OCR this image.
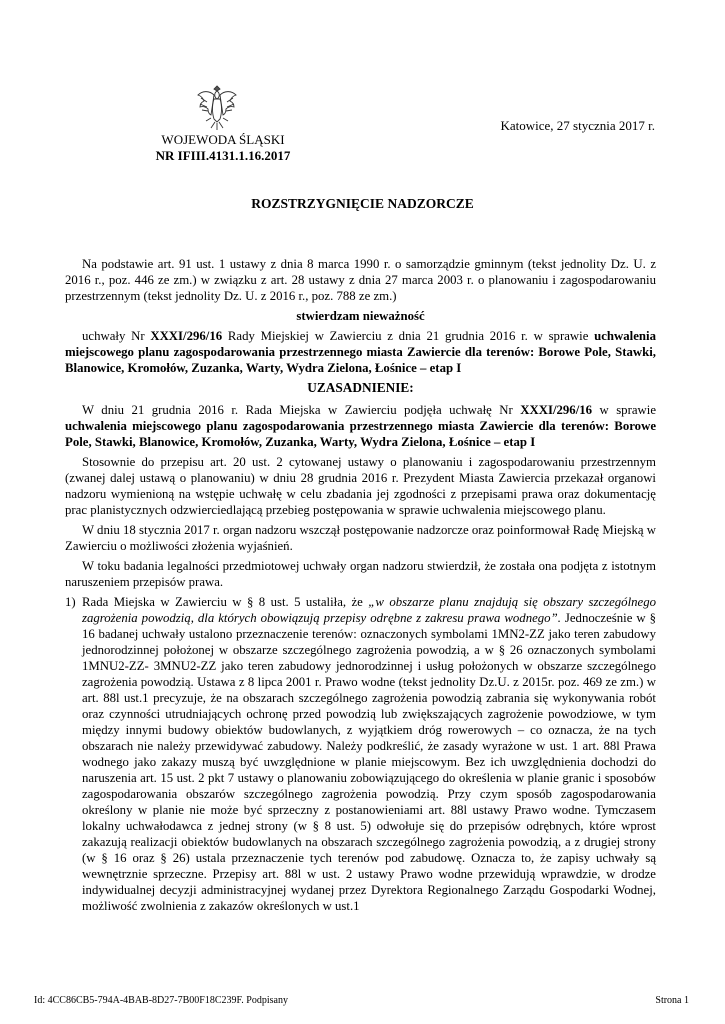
WOJEWODA ŚLĄSKI
NR IFIII.4131.1.16.2017
Katowice, 27 stycznia 2017 r.
ROZSTRZYGNIĘCIE NADZORCZE

Na podstawie art. 91 ust. 1 ustawy z dnia 8 marca 1990 r. o samorządzie gminnym (tekst jednolity Dz. U. z 2016 r., poz. 446 ze zm.) w związku z art. 28 ustawy z dnia 27 marca 2003 r. o planowaniu i zagospodarowaniu przestrzennym (tekst jednolity Dz. U. z 2016 r., poz. 788 ze zm.)

stwierdzam nieważność

uchwały Nr XXXI/296/16 Rady Miejskiej w Zawierciu z dnia 21 grudnia 2016 r. w sprawie uchwalenia miejscowego planu zagospodarowania przestrzennego miasta Zawiercie dla terenów: Borowe Pole, Stawki, Blanowice, Kromołów, Zuzanka, Warty, Wydra Zielona, Łośnice – etap I

UZASADNIENIE:

W dniu 21 grudnia 2016 r. Rada Miejska w Zawierciu podjęła uchwałę Nr XXXI/296/16 w sprawie uchwalenia miejscowego planu zagospodarowania przestrzennego miasta Zawiercie dla terenów: Borowe Pole, Stawki, Blanowice, Kromołów, Zuzanka, Warty, Wydra Zielona, Łośnice – etap I

Stosownie do przepisu art. 20 ust. 2 cytowanej ustawy o planowaniu i zagospodarowaniu przestrzennym (zwanej dalej ustawą o planowaniu) w dniu 28 grudnia 2016 r. Prezydent Miasta Zawiercia przekazał organowi nadzoru wymienioną na wstępie uchwałę w celu zbadania jej zgodności z przepisami prawa oraz dokumentację prac planistycznych odzwierciedlającą przebieg postępowania w sprawie uchwalenia miejscowego planu.

W dniu 18 stycznia 2017 r. organ nadzoru wszczął postępowanie nadzorcze oraz poinformował Radę Miejską w Zawierciu o możliwości złożenia wyjaśnień.

W toku badania legalności przedmiotowej uchwały organ nadzoru stwierdził, że została ona podjęta z istotnym naruszeniem przepisów prawa.

1) Rada Miejska w Zawierciu w § 8 ust. 5 ustaliła, że „w obszarze planu znajdują się obszary szczególnego zagrożenia powodzią, dla których obowiązują przepisy odrębne z zakresu prawa wodnego”. Jednocześnie w § 16 badanej uchwały ustalono przeznaczenie terenów: oznaczonych symbolami 1MN2-ZZ jako teren zabudowy jednorodzinnej położonej w obszarze szczególnego zagrożenia powodzią, a w § 26 oznaczonych symbolami 1MNU2-ZZ- 3MNU2-ZZ jako teren zabudowy jednorodzinnej i usług położonych w obszarze szczególnego zagrożenia powodzią. Ustawa z 8 lipca 2001 r. Prawo wodne (tekst jednolity Dz.U. z 2015r. poz. 469 ze zm.) w art. 88l ust.1 precyzuje, że na obszarach szczególnego zagrożenia powodzią zabrania się wykonywania robót oraz czynności utrudniających ochronę przed powodzią lub zwiększających zagrożenie powodziowe, w tym między innymi budowy obiektów budowlanych, z wyjątkiem dróg rowerowych – co oznacza, że na tych obszarach nie należy przewidywać zabudowy. Należy podkreślić, że zasady wyrażone w ust. 1 art. 88l Prawa wodnego jako zakazy muszą być uwzględnione w planie miejscowym. Bez ich uwzględnienia dochodzi do naruszenia art. 15 ust. 2 pkt 7 ustawy o planowaniu zobowiązującego do określenia w planie granic i sposobów zagospodarowania obszarów szczególnego zagrożenia powodzią. Przy czym sposób zagospodarowania określony w planie nie może być sprzeczny z postanowieniami art. 88l ustawy Prawo wodne. Tymczasem lokalny uchwałodawca z jednej strony (w § 8 ust. 5) odwołuje się do przepisów odrębnych, które wprost zakazują realizacji obiektów budowlanych na obszarach szczególnego zagrożenia powodzią, a z drugiej strony (w § 16 oraz § 26) ustala przeznaczenie tych terenów pod zabudowę. Oznacza to, że zapisy uchwały są wewnętrznie sprzeczne. Przepisy art. 88l w ust. 2 ustawy Prawo wodne przewidują wprawdzie, w drodze indywidualnej decyzji administracyjnej wydanej przez Dyrektora Regionalnego Zarządu Gospodarki Wodnej, możliwość zwolnienia z zakazów określonych w ust.1
Id: 4CC86CB5-794A-4BAB-8D27-7B00F18C239F. Podpisany	Strona 1
